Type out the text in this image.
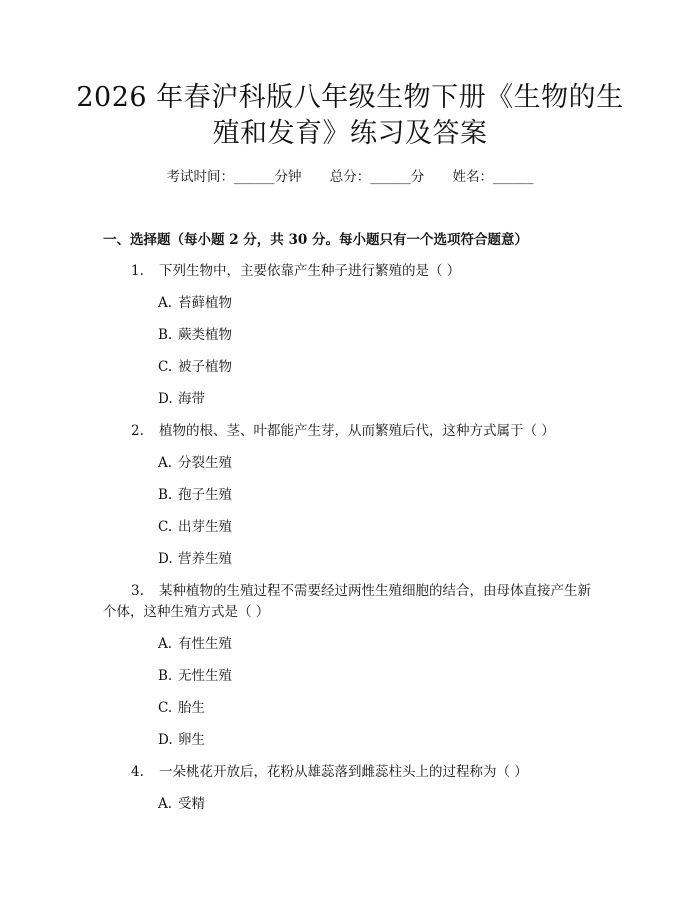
2026 年春沪科版八年级生物下册《生物的生
殖和发育》练习及答案
考试时间：______分钟 总分：______分 姓名：______
一、选择题（每小题 2 分，共 30 分。每小题只有一个选项符合题意）
1. 下列生物中，主要依靠产生种子进行繁殖的是（ ）
A. 苔藓植物
B. 蕨类植物
C. 被子植物
D. 海带
2. 植物的根、茎、叶都能产生芽，从而繁殖后代，这种方式属于（ ）
A. 分裂生殖
B. 孢子生殖
C. 出芽生殖
D. 营养生殖
3. 某种植物的生殖过程不需要经过两性生殖细胞的结合，由母体直接产生新
个体，这种生殖方式是（ ）
A. 有性生殖
B. 无性生殖
C. 胎生
D. 卵生
4. 一朵桃花开放后，花粉从雄蕊落到雌蕊柱头上的过程称为（ ）
A. 受精
